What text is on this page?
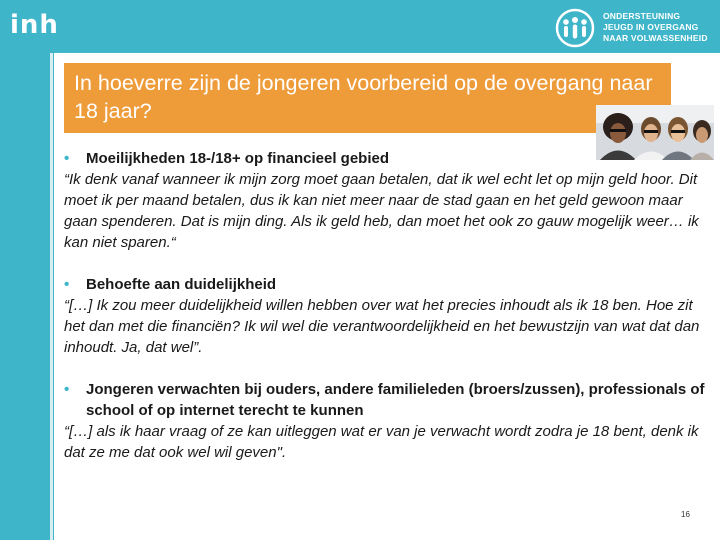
inh	ONDERSTEUNING
JEUGD IN OVERGANG
NAAR VOLWASSENHEID
In hoeverre zijn de jongeren voorbereid op de overgang naar 18 jaar?
• Moeilijkheden 18-/18+ op financieel gebied
“Ik denk vanaf wanneer ik mijn zorg moet gaan betalen, dat ik wel echt let op mijn geld hoor. Dit moet ik per maand betalen, dus ik kan niet meer naar de stad gaan en het geld gewoon maar gaan spenderen. Dat is mijn ding. Als ik geld heb, dan moet het ook zo gauw mogelijk weer… ik kan niet sparen.“
• Behoefte aan duidelijkheid
“[…] Ik zou meer duidelijkheid willen hebben over wat het precies inhoudt als ik 18 ben. Hoe zit het dan met die financiën? Ik wil wel die verantwoordelijkheid en het bewustzijn van wat dat dan inhoudt. Ja, dat wel”.
• Jongeren verwachten bij ouders, andere familieleden (broers/zussen), professionals of school of op internet terecht te kunnen
“[…] als ik haar vraag of ze kan uitleggen wat er van je verwacht wordt zodra je 18 bent, denk ik dat ze me dat ook wel wil geven".
16
